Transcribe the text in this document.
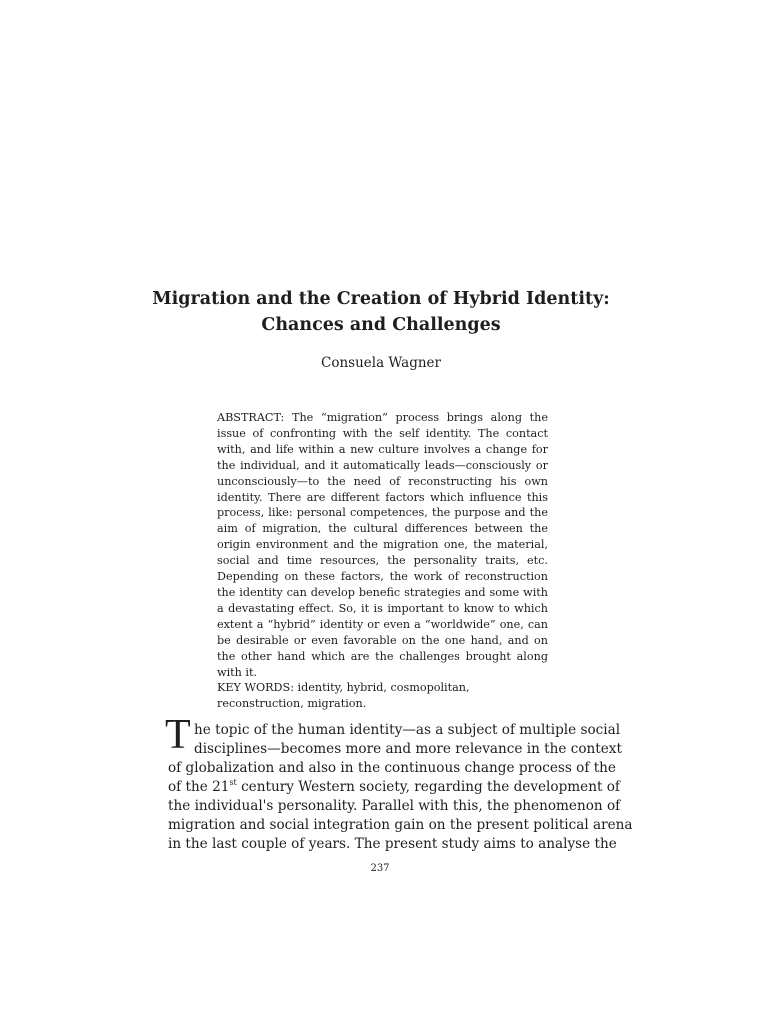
Migration and the Creation of Hybrid Identity:
Chances and Challenges
Consuela Wagner

ABSTRACT: The “migration” process brings along the issue of confronting with the self identity. The contact with, and life within a new culture involves a change for the individual, and it automatically leads—consciously or unconsciously—to the need of reconstructing his own identity. There are different factors which influence this process, like: personal competences, the purpose and the aim of migration, the cultural differences between the origin environment and the migration one, the material, social and time resources, the personality traits, etc. Depending on these factors, the work of reconstruction the identity can develop benefic strategies and some with a devastating effect. So, it is important to know to which extent a “hybrid” identity or even a “worldwide” one, can be desirable or even favorable on the one hand, and on the other hand which are the challenges brought along with it.

KEY WORDS: identity, hybrid, cosmopolitan, reconstruction, migration.

T he topic of the human identity—as a subject of multiple social
disciplines—becomes more and more relevance in the context
of globalization and also in the continuous change process of the
of the 21st century Western society, regarding the development of
the individual's personality. Parallel with this, the phenomenon of
migration and social integration gain on the present political arena
in the last couple of years. The present study aims to analyse the
237
